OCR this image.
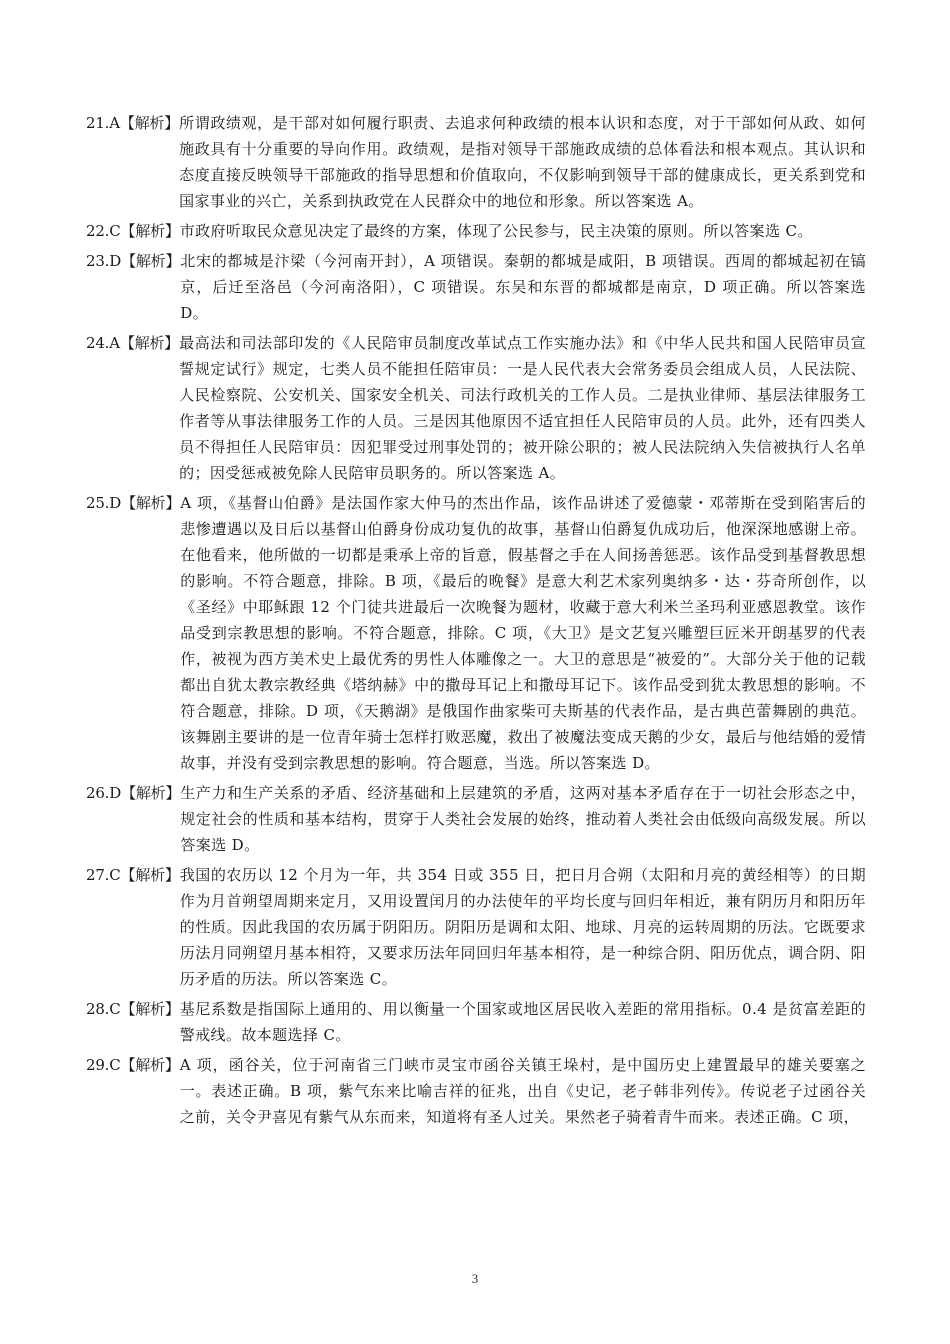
21.A【解析】 所谓政绩观，是干部对如何履行职责、去追求何种政绩的根本认识和态度，对于干部如何从政、如何施政具有十分重要的导向作用。政绩观，是指对领导干部施政成绩的总体看法和根本观点。其认识和态度直接反映领导干部施政的指导思想和价值取向，不仅影响到领导干部的健康成长，更关系到党和国家事业的兴亡，关系到执政党在人民群众中的地位和形象。所以答案选 A。
22.C【解析】 市政府听取民众意见决定了最终的方案，体现了公民参与，民主决策的原则。所以答案选 C。
23.D【解析】 北宋的都城是汴梁（今河南开封），A 项错误。秦朝的都城是咸阳，B 项错误。西周的都城起初在镐京，后迁至洛邑（今河南洛阳），C 项错误。东吴和东晋的都城都是南京，D 项正确。所以答案选 D。
24.A【解析】 最高法和司法部印发的《人民陪审员制度改革试点工作实施办法》和《中华人民共和国人民陪审员宣誓规定试行》规定，七类人员不能担任陪审员：一是人民代表大会常务委员会组成人员，人民法院、人民检察院、公安机关、国家安全机关、司法行政机关的工作人员。二是执业律师、基层法律服务工作者等从事法律服务工作的人员。三是因其他原因不适宜担任人民陪审员的人员。此外，还有四类人员不得担任人民陪审员：因犯罪受过刑事处罚的；被开除公职的；被人民法院纳入失信被执行人名单的；因受惩戒被免除人民陪审员职务的。所以答案选 A。
25.D【解析】 A 项，《基督山伯爵》是法国作家大仲马的杰出作品，该作品讲述了爱德蒙・邓蒂斯在受到陷害后的悲惨遭遇以及日后以基督山伯爵身份成功复仇的故事，基督山伯爵复仇成功后，他深深地感谢上帝。在他看来，他所做的一切都是秉承上帝的旨意，假基督之手在人间扬善惩恶。该作品受到基督教思想的影响。不符合题意，排除。B 项，《最后的晚餐》是意大利艺术家列奥纳多・达・芬奇所创作，以《圣经》中耶稣跟 12 个门徒共进最后一次晚餐为题材，收藏于意大利米兰圣玛利亚感恩教堂。该作品受到宗教思想的影响。不符合题意，排除。C 项，《大卫》是文艺复兴雕塑巨匠米开朗基罗的代表作，被视为西方美术史上最优秀的男性人体雕像之一。大卫的意思是“被爱的”。大部分关于他的记载都出自犹太教宗教经典《塔纳赫》中的撒母耳记上和撒母耳记下。该作品受到犹太教思想的影响。不符合题意，排除。D 项，《天鹅湖》是俄国作曲家柴可夫斯基的代表作品，是古典芭蕾舞剧的典范。该舞剧主要讲的是一位青年骑士怎样打败恶魔，救出了被魔法变成天鹅的少女，最后与他结婚的爱情故事，并没有受到宗教思想的影响。符合题意，当选。所以答案选 D。
26.D【解析】 生产力和生产关系的矛盾、经济基础和上层建筑的矛盾，这两对基本矛盾存在于一切社会形态之中，规定社会的性质和基本结构，贯穿于人类社会发展的始终，推动着人类社会由低级向高级发展。所以答案选 D。
27.C【解析】 我国的农历以 12 个月为一年，共 354 日或 355 日，把日月合朔（太阳和月亮的黄经相等）的日期作为月首朔望周期来定月，又用设置闰月的办法使年的平均长度与回归年相近，兼有阴历月和阳历年的性质。因此我国的农历属于阴阳历。阴阳历是调和太阳、地球、月亮的运转周期的历法。它既要求历法月同朔望月基本相符，又要求历法年同回归年基本相符，是一种综合阴、阳历优点，调合阴、阳历矛盾的历法。所以答案选 C。
28.C【解析】 基尼系数是指国际上通用的、用以衡量一个国家或地区居民收入差距的常用指标。0.4 是贫富差距的警戒线。故本题选择 C。
29.C【解析】 A 项，函谷关，位于河南省三门峡市灵宝市函谷关镇王垛村，是中国历史上建置最早的雄关要塞之一。表述正确。B 项，紫气东来比喻吉祥的征兆，出自《史记，老子韩非列传》。传说老子过函谷关之前，关令尹喜见有紫气从东而来，知道将有圣人过关。果然老子骑着青牛而来。表述正确。C 项，
3
